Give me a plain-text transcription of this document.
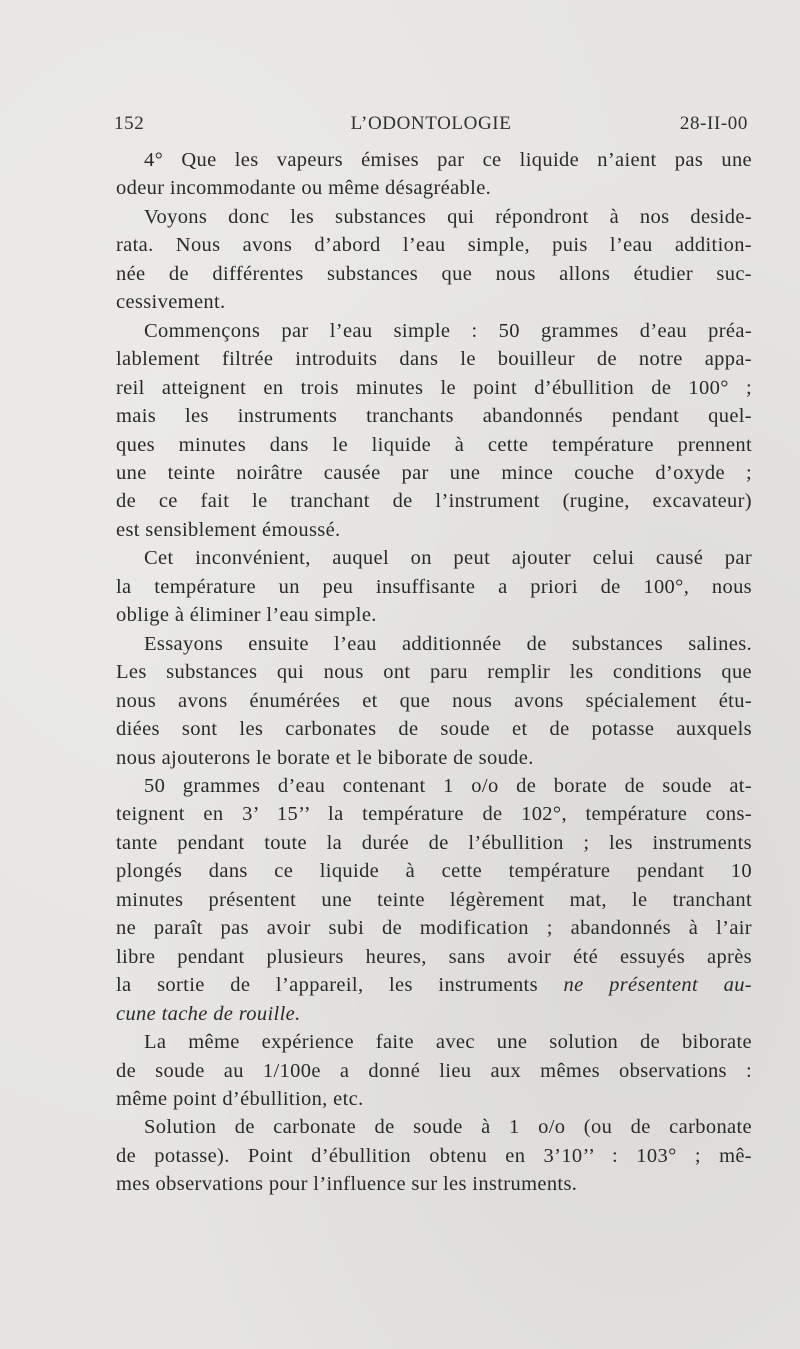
152	L’ODONTOLOGIE	28-II-00
4° Que les vapeurs émises par ce liquide n’aient pas une
odeur incommodante ou même désagréable.
Voyons donc les substances qui répondront à nos deside-
rata. Nous avons d’abord l’eau simple, puis l’eau addition-
née de différentes substances que nous allons étudier suc-
cessivement.
Commençons par l’eau simple : 50 grammes d’eau préa-
lablement filtrée introduits dans le bouilleur de notre appa-
reil atteignent en trois minutes le point d’ébullition de 100° ;
mais les instruments tranchants abandonnés pendant quel-
ques minutes dans le liquide à cette température prennent
une teinte noirâtre causée par une mince couche d’oxyde ;
de ce fait le tranchant de l’instrument (rugine, excavateur)
est sensiblement émoussé.
Cet inconvénient, auquel on peut ajouter celui causé par
la température un peu insuffisante a priori de 100°, nous
oblige à éliminer l’eau simple.
Essayons ensuite l’eau additionnée de substances salines.
Les substances qui nous ont paru remplir les conditions que
nous avons énumérées et que nous avons spécialement étu-
diées sont les carbonates de soude et de potasse auxquels
nous ajouterons le borate et le biborate de soude.
50 grammes d’eau contenant 1 o/o de borate de soude at-
teignent en 3’ 15’’ la température de 102°, température cons-
tante pendant toute la durée de l’ébullition ; les instruments
plongés dans ce liquide à cette température pendant 10
minutes présentent une teinte légèrement mat, le tranchant
ne paraît pas avoir subi de modification ; abandonnés à l’air
libre pendant plusieurs heures, sans avoir été essuyés après
la sortie de l’appareil, les instruments ne présentent au-
cune tache de rouille.
La même expérience faite avec une solution de biborate
de soude au 1/100e a donné lieu aux mêmes observations :
même point d’ébullition, etc.
Solution de carbonate de soude à 1 o/o (ou de carbonate
de potasse). Point d’ébullition obtenu en 3’10’’ : 103° ; mê-
mes observations pour l’influence sur les instruments.
